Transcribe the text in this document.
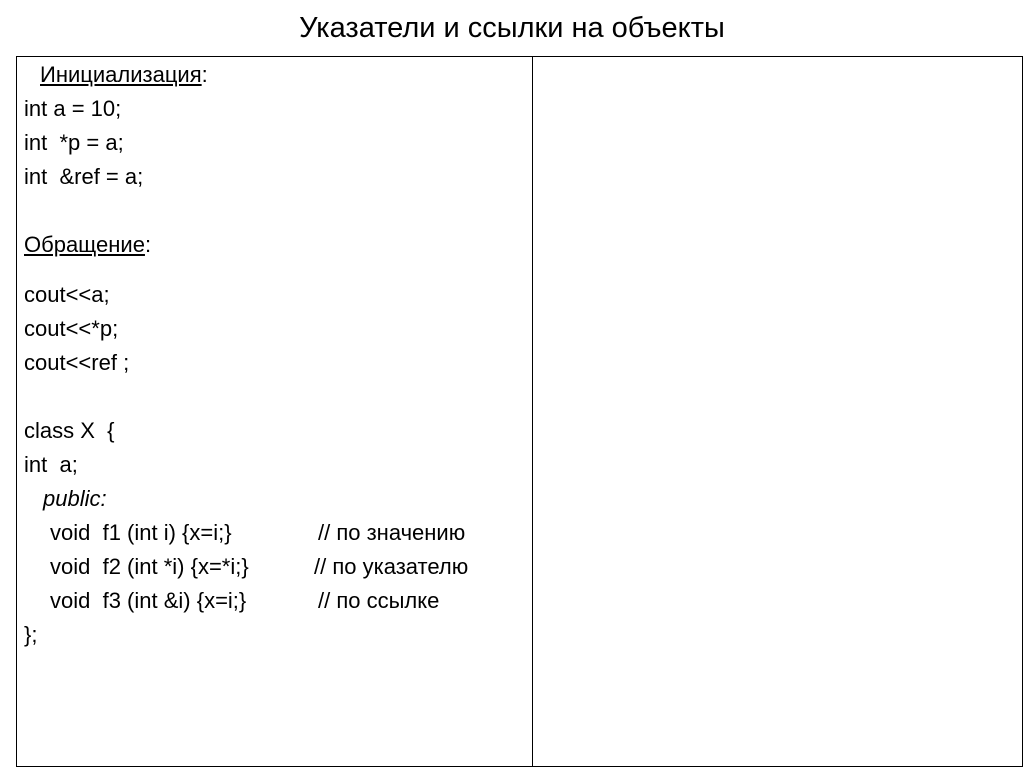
Указатели и ссылки на объекты
Инициализация:
int a = 10;
int  *p = a;
int  &ref = a;
Обращение:
cout<<a;
cout<<*p;
cout<<ref ;
class X  {
int  a;
public:
void  f1 (int i) {x=i;}	// по значению
void  f2 (int *i) {x=*i;}	// по указателю
void  f3 (int &i) {x=i;}	// по ссылке
};
